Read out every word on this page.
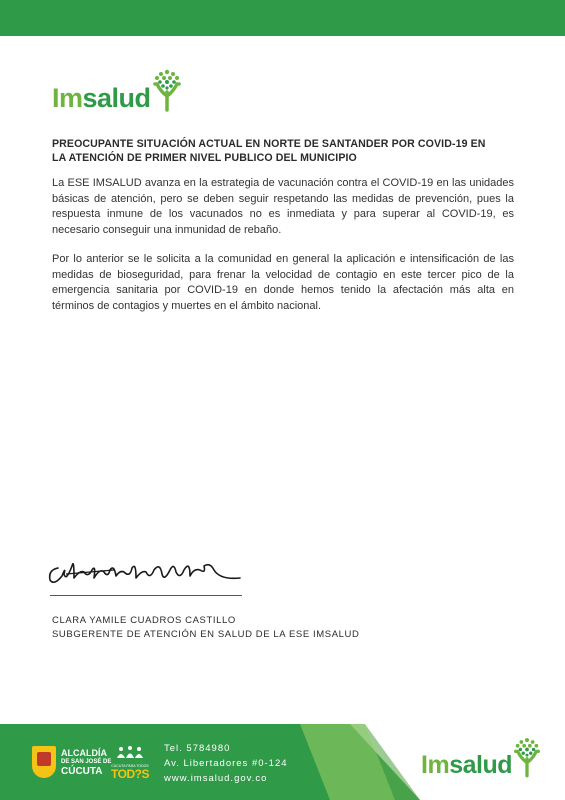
Imsalud
PREOCUPANTE SITUACIÓN ACTUAL EN NORTE DE SANTANDER POR COVID-19 EN
LA ATENCIÓN DE PRIMER NIVEL PUBLICO DEL MUNICIPIO

La ESE IMSALUD avanza en la estrategia de vacunación contra el COVID-19 en las unidades básicas de atención, pero se deben seguir respetando las medidas de prevención, pues la respuesta inmune de los vacunados no es inmediata y para superar al COVID-19, es necesario conseguir una inmunidad de rebaño.

Por lo anterior se le solicita a la comunidad en general la aplicación e intensificación de las medidas de bioseguridad, para frenar la velocidad de contagio en este tercer pico de la emergencia sanitaria por COVID-19 en donde hemos tenido la afectación más alta en términos de contagios y muertes en el ámbito nacional.

CLARA YAMILE CUADROS CASTILLO
SUBGERENTE DE ATENCIÓN EN SALUD DE LA ESE IMSALUD
ALCALDÍA
DE SAN JOSÉ DE
CÚCUTA	CUCUTA PARA TODOS
TOD?S
Tel. 5784980
Av. Libertadores #0-124
www.imsalud.gov.co	Imsalud
